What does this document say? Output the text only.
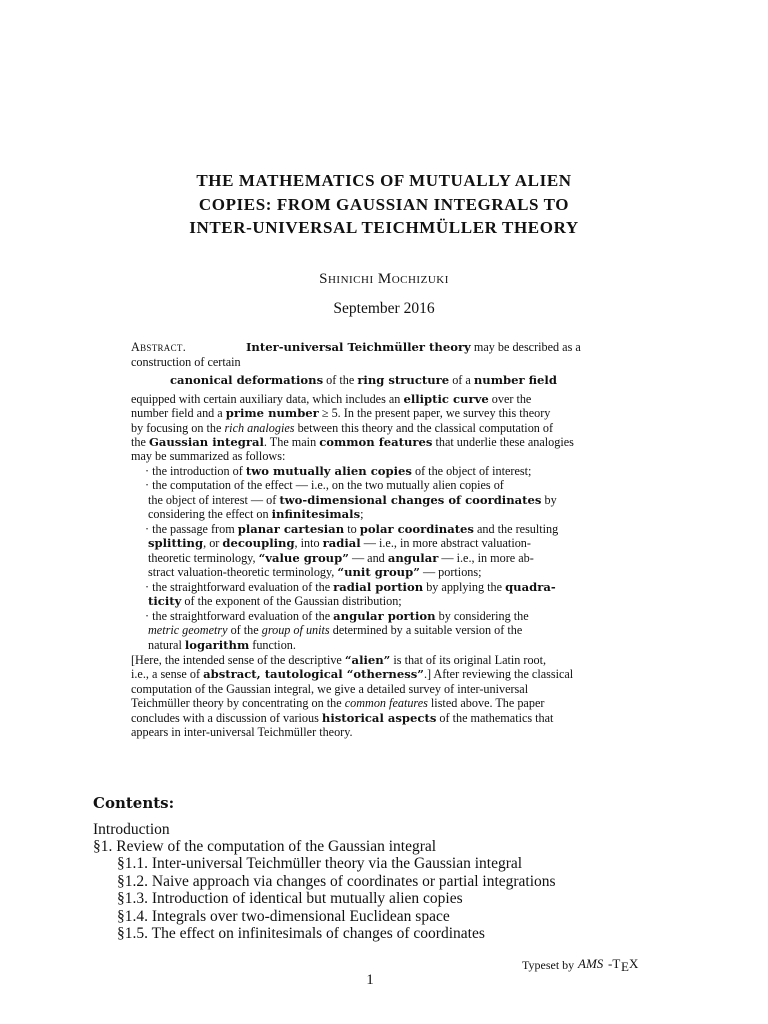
THE MATHEMATICS OF MUTUALLY ALIEN
COPIES: FROM GAUSSIAN INTEGRALS TO
INTER-UNIVERSAL TEICHMÜLLER THEORY
Shinichi Mochizuki
September 2016
Abstract.	Inter-universal Teichmüller theory may be described as a
construction of certain
canonical deformations of the ring structure of a number field
equipped with certain auxiliary data, which includes an elliptic curve over the
number field and a prime number ≥ 5. In the present paper, we survey this theory
by focusing on the rich analogies between this theory and the classical computation of
the Gaussian integral. The main common features that underlie these analogies
may be summarized as follows:
· the introduction of two mutually alien copies of the object of interest;
· the computation of the effect — i.e., on the two mutually alien copies of
the object of interest — of two-dimensional changes of coordinates by
considering the effect on infinitesimals;
· the passage from planar cartesian to polar coordinates and the resulting
splitting, or decoupling, into radial — i.e., in more abstract valuation-
theoretic terminology, “value group” — and angular — i.e., in more ab-
stract valuation-theoretic terminology, “unit group” — portions;
· the straightforward evaluation of the radial portion by applying the quadra-
ticity of the exponent of the Gaussian distribution;
· the straightforward evaluation of the angular portion by considering the
metric geometry of the group of units determined by a suitable version of the
natural logarithm function.
[Here, the intended sense of the descriptive “alien” is that of its original Latin root,
i.e., a sense of abstract, tautological “otherness”.] After reviewing the classical
computation of the Gaussian integral, we give a detailed survey of inter-universal
Teichmüller theory by concentrating on the common features listed above. The paper
concludes with a discussion of various historical aspects of the mathematics that
appears in inter-universal Teichmüller theory.
Contents:
Introduction
§1. Review of the computation of the Gaussian integral
§1.1. Inter-universal Teichmüller theory via the Gaussian integral
§1.2. Naive approach via changes of coordinates or partial integrations
§1.3. Introduction of identical but mutually alien copies
§1.4. Integrals over two-dimensional Euclidean space
§1.5. The effect on infinitesimals of changes of coordinates
Typeset by AMS -T E X
1
